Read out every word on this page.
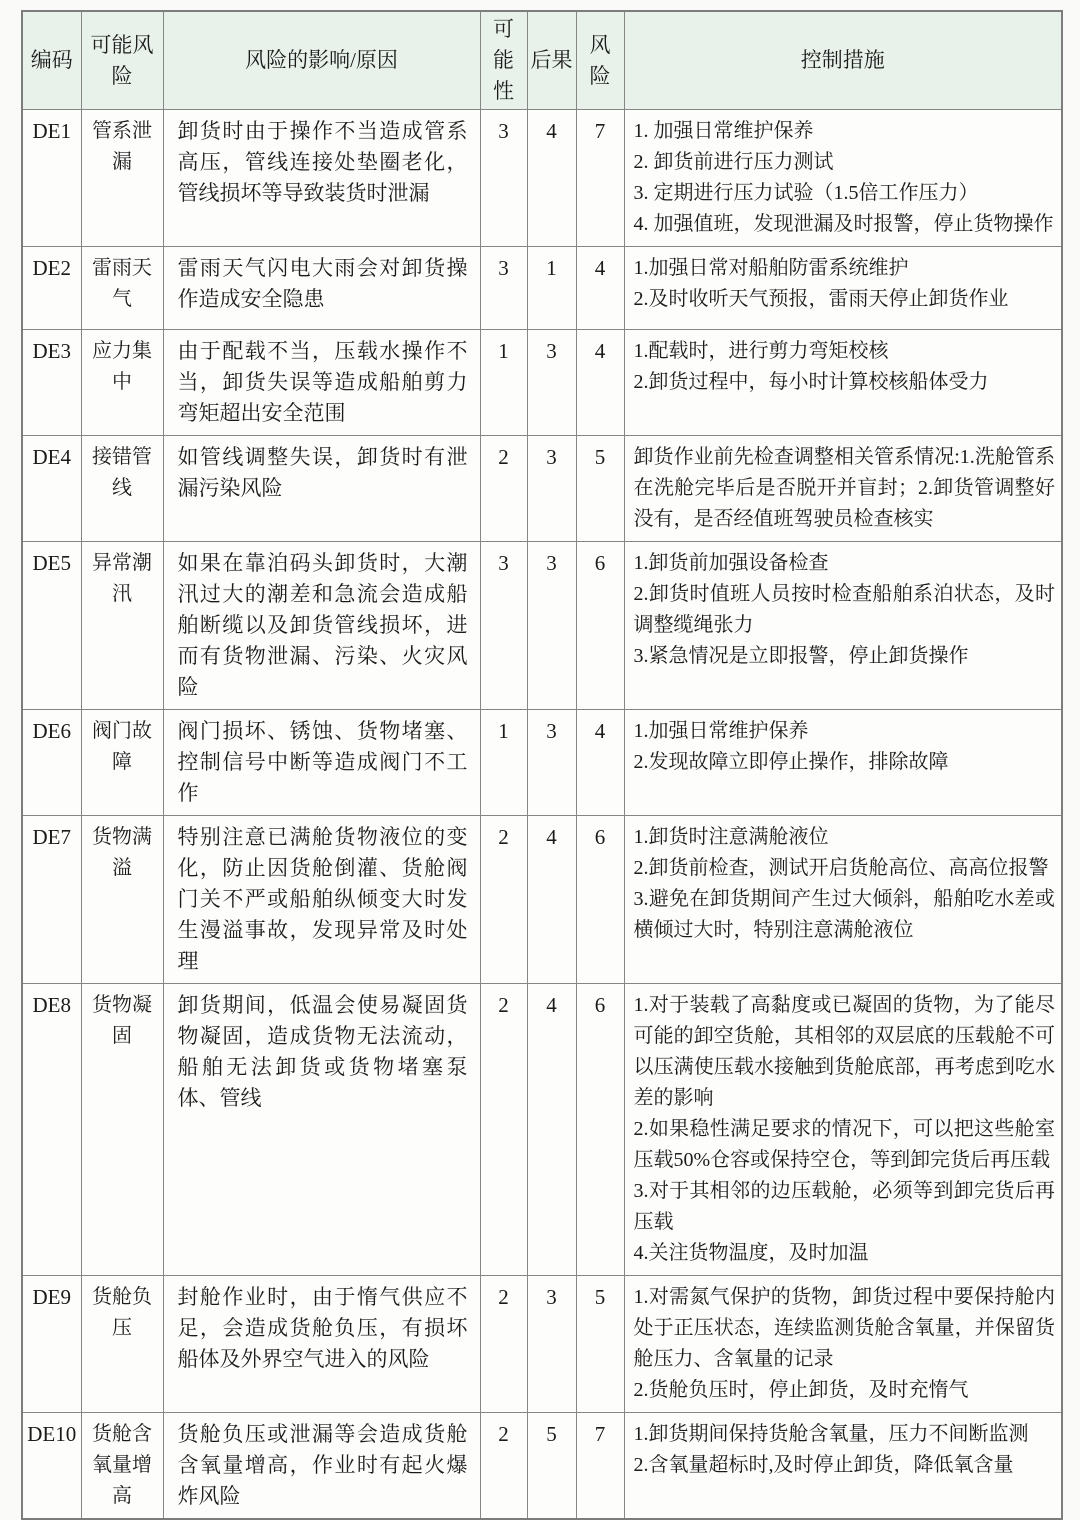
编码	可能风险	风险的影响/原因	可能性	后果	风险	控制措施
DE1	管系泄漏	卸货时由于操作不当造成管系高压，管线连接处垫圈老化，管线损坏等导致装货时泄漏	3	4	7	1. 加强日常维护保养
2. 卸货前进行压力测试
3. 定期进行压力试验（1.5倍工作压力）
4. 加强值班，发现泄漏及时报警，停止货物操作

DE2	雷雨天气	雷雨天气闪电大雨会对卸货操作造成安全隐患	3	1	4	1.加强日常对船舶防雷系统维护
2.及时收听天气预报，雷雨天停止卸货作业

DE3	应力集中	由于配载不当，压载水操作不当，卸货失误等造成船舶剪力弯矩超出安全范围	1	3	4	1.配载时，进行剪力弯矩校核
2.卸货过程中，每小时计算校核船体受力

DE4	接错管线	如管线调整失误，卸货时有泄漏污染风险	2	3	5	卸货作业前先检查调整相关管系情况:1.洗舱管系在洗舱完毕后是否脱开并盲封；2.卸货管调整好没有，是否经值班驾驶员检查核实

DE5	异常潮汛	如果在靠泊码头卸货时，大潮汛过大的潮差和急流会造成船舶断缆以及卸货管线损坏，进而有货物泄漏、污染、火灾风险	3	3	6	1.卸货前加强设备检查
2.卸货时值班人员按时检查船舶系泊状态，及时调整缆绳张力
3.紧急情况是立即报警，停止卸货操作

DE6	阀门故障	阀门损坏、锈蚀、货物堵塞、控制信号中断等造成阀门不工作	1	3	4	1.加强日常维护保养
2.发现故障立即停止操作，排除故障

DE7	货物满溢	特别注意已满舱货物液位的变化，防止因货舱倒灌、货舱阀门关不严或船舶纵倾变大时发生漫溢事故，发现异常及时处理	2	4	6	1.卸货时注意满舱液位
2.卸货前检查，测试开启货舱高位、高高位报警
3.避免在卸货期间产生过大倾斜，船舶吃水差或横倾过大时，特别注意满舱液位

DE8	货物凝固	卸货期间，低温会使易凝固货物凝固，造成货物无法流动，船舶无法卸货或货物堵塞泵体、管线	2	4	6	1.对于装载了高黏度或已凝固的货物，为了能尽可能的卸空货舱，其相邻的双层底的压载舱不可以压满使压载水接触到货舱底部，再考虑到吃水差的影响
2.如果稳性满足要求的情况下，可以把这些舱室压载50%仓容或保持空仓，等到卸完货后再压载
3.对于其相邻的边压载舱，必须等到卸完货后再压载
4.关注货物温度，及时加温

DE9	货舱负压	封舱作业时，由于惰气供应不足，会造成货舱负压，有损坏船体及外界空气进入的风险	2	3	5	1.对需氮气保护的货物，卸货过程中要保持舱内处于正压状态，连续监测货舱含氧量，并保留货舱压力、含氧量的记录
2.货舱负压时，停止卸货，及时充惰气

DE10	货舱含氧量增高	货舱负压或泄漏等会造成货舱含氧量增高，作业时有起火爆炸风险	2	5	7	1.卸货期间保持货舱含氧量，压力不间断监测
2.含氧量超标时,及时停止卸货，降低氧含量
